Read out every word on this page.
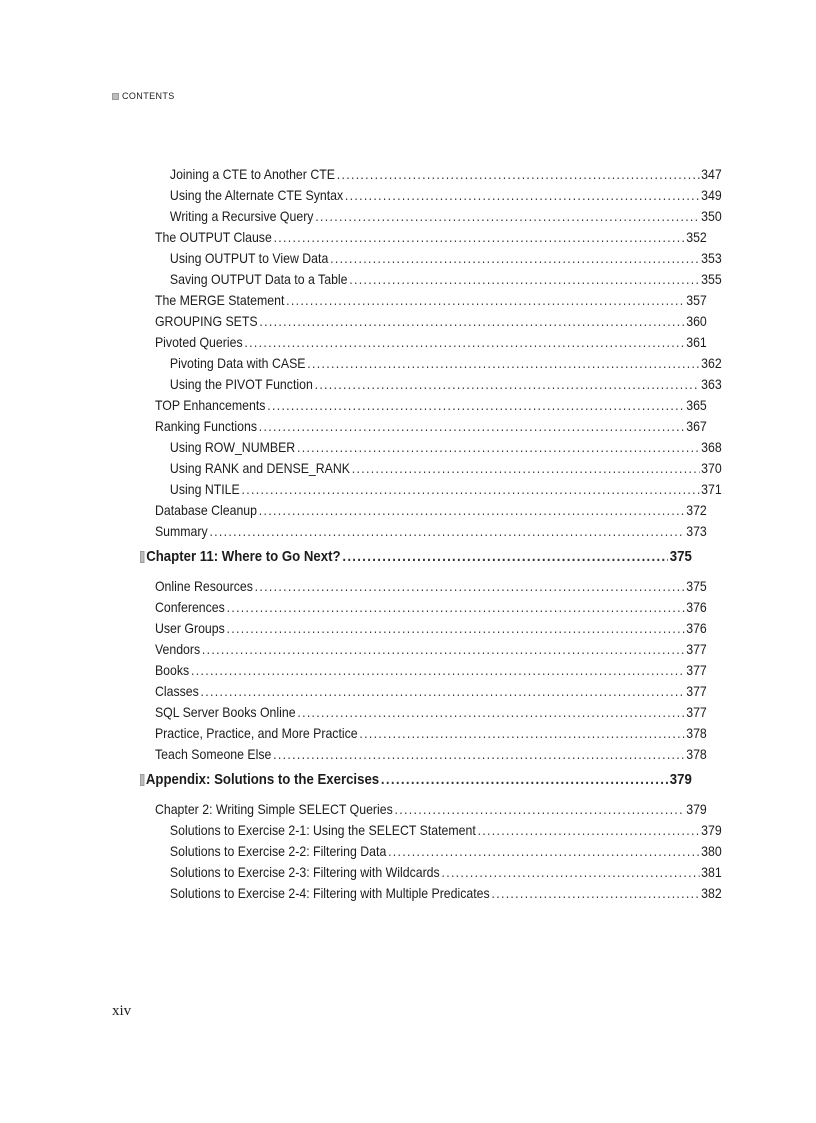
CONTENTS
Joining a CTE to Another CTE .....	347
Using the Alternate CTE Syntax .....	349
Writing a Recursive Query .....	350
The OUTPUT Clause .....	352
Using OUTPUT to View Data .....	353
Saving OUTPUT Data to a Table .....	355
The MERGE Statement .....	357
GROUPING SETS .....	360
Pivoted Queries .....	361
Pivoting Data with CASE .....	362
Using the PIVOT Function .....	363
TOP Enhancements .....	365
Ranking Functions .....	367
Using ROW_NUMBER .....	368
Using RANK and DENSE_RANK .....	370
Using NTILE .....	371
Database Cleanup .....	372
Summary .....	373
Chapter 11: Where to Go Next? .....	375
Online Resources .....	375
Conferences .....	376
User Groups .....	376
Vendors .....	377
Books .....	377
Classes .....	377
SQL Server Books Online .....	377
Practice, Practice, and More Practice .....	378
Teach Someone Else .....	378
Appendix: Solutions to the Exercises .....	379
Chapter 2: Writing Simple SELECT Queries .....	379
Solutions to Exercise 2-1: Using the SELECT Statement .....	379
Solutions to Exercise 2-2: Filtering Data .....	380
Solutions to Exercise 2-3: Filtering with Wildcards .....	381
Solutions to Exercise 2-4: Filtering with Multiple Predicates .....	382
xiv
